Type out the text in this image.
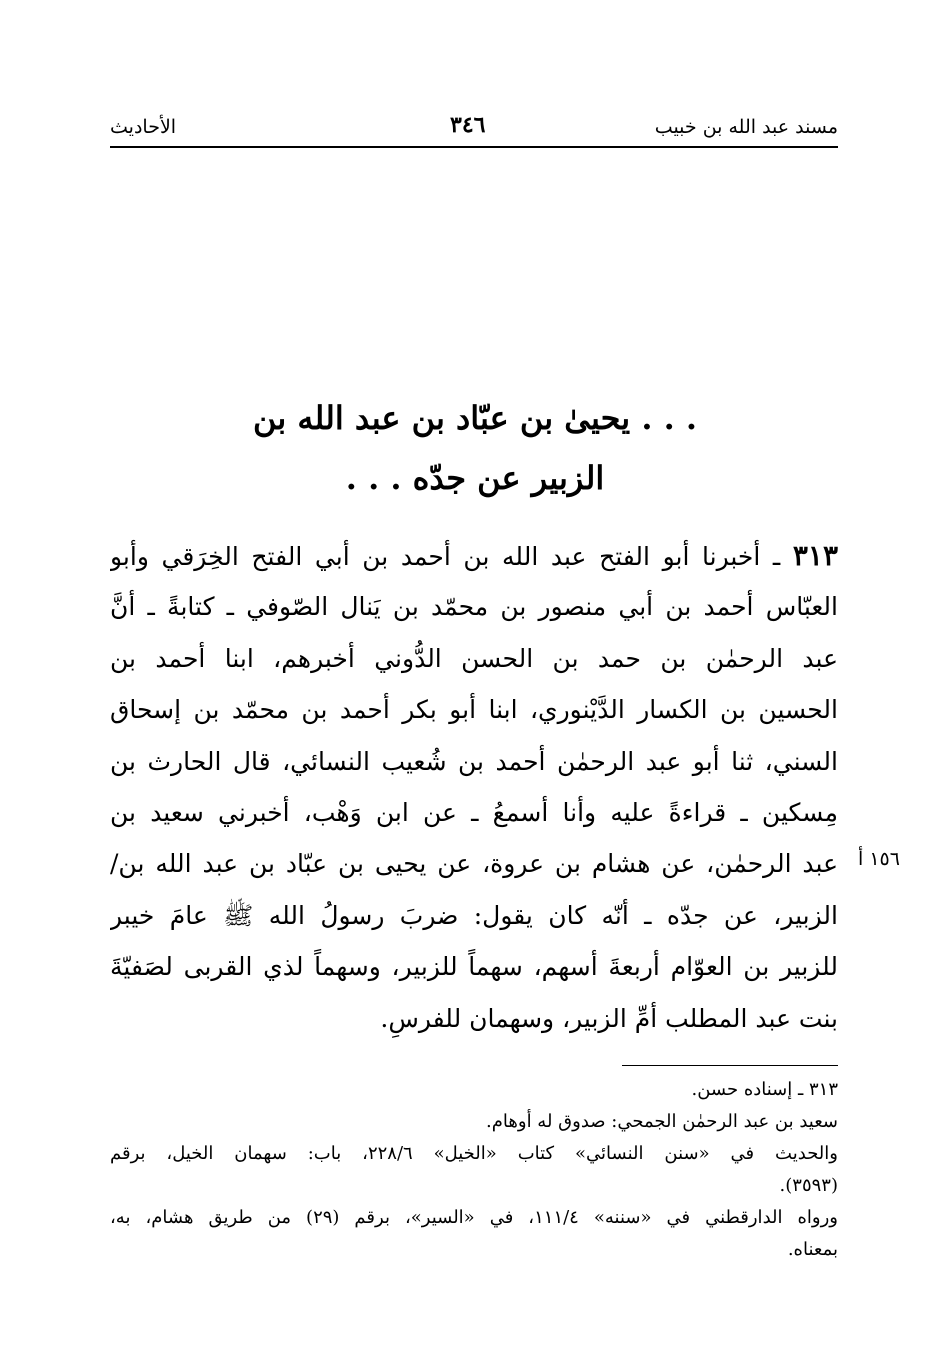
مسند عبد الله بن خبيب
٣٤٦
الأحاديث
. . . يحيىٰ بن عبّاد بن عبد الله بن
الزبير عن جدّه . . .
٣١٣ ـ أخبرنا أبو الفتح عبد الله بن أحمد بن أبي الفتح الخِرَقي وأبو
العبّاس أحمد بن أبي منصور بن محمّد بن يَنال الصّوفي ـ كتابةً ـ أنَّ
عبد الرحمٰن بن حمد بن الحسن الدُّوني أخبرهم، ابنا أحمد بن
الحسين بن الكسار الدَّيْنوري، ابنا أبو بكر أحمد بن محمّد بن إسحاق
السني، ثنا أبو عبد الرحمٰن أحمد بن شُعيب النسائي، قال الحارث بن
مِسكين ـ قراءةً عليه وأنا أسمعُ ـ عن ابن وَهْب، أخبرني سعيد بن
عبد الرحمٰن، عن هشام بن عروة، عن يحيى بن عبّاد بن عبد الله بن/
الزبير، عن جدّه ـ أنّه كان يقول: ضربَ رسولُ الله ﷺ عامَ خيبر
للزبير بن العوّام أربعةَ أسهم، سهماً للزبير، وسهماً لذي القربى لصَفيّةَ
بنت عبد المطلب أمِّ الزبير، وسهمان للفرسِ.
١٥٦ أ
٣١٣ ـ إسناده حسن.
سعيد بن عبد الرحمٰن الجمحي: صدوق له أوهام.
والحديث في «سنن النسائي» كتاب «الخيل» ٢٢٨/٦، باب: سهمان الخيل، برقم
(٣٥٩٣).
ورواه الدارقطني في «سننه» ١١١/٤، في «السير»، برقم (٢٩) من طريق هشام، به،
بمعناه.
